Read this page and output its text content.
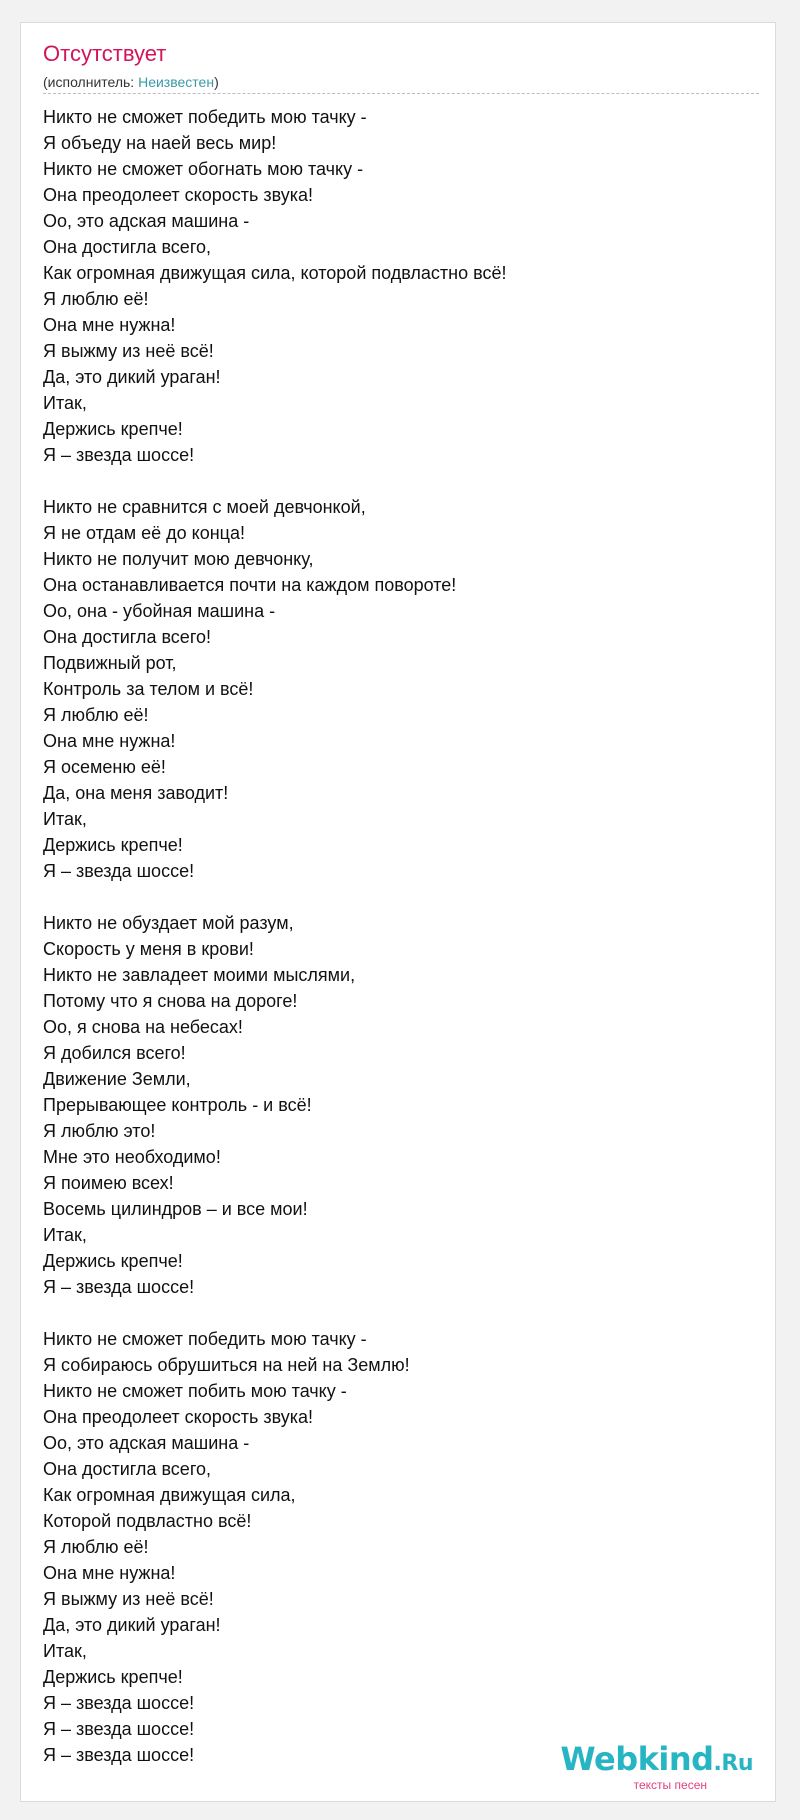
Отсутствует
(исполнитель: Неизвестен)
Никто не сможет победить мою тачку -
Я объеду на наей весь мир!
Никто не сможет обогнать мою тачку -
Она преодолеет скорость звука!
Оо, это адская машина -
Она достигла всего,
Как огромная движущая сила, которой подвластно всё!
Я люблю её!
Она мне нужна!
Я выжму из неё всё!
Да, это дикий ураган!
Итак,
Держись крепче!
Я – звезда шоссе!
Никто не сравнится с моей девчонкой,
Я не отдам её до конца!
Никто не получит мою девчонку,
Она останавливается почти на каждом повороте!
Оо, она - убойная машина -
Она достигла всего!
Подвижный рот,
Контроль за телом и всё!
Я люблю её!
Она мне нужна!
Я осеменю её!
Да, она меня заводит!
Итак,
Держись крепче!
Я – звезда шоссе!
Никто не обуздает мой разум,
Скорость у меня в крови!
Никто не завладеет моими мыслями,
Потому что я снова на дороге!
Оо, я снова на небесах!
Я добился всего!
Движение Земли,
Прерывающее контроль - и всё!
Я люблю это!
Мне это необходимо!
Я поимею всех!
Восемь цилиндров – и все мои!
Итак,
Держись крепче!
Я – звезда шоссе!
Никто не сможет победить мою тачку -
Я собираюсь обрушиться на ней на Землю!
Никто не сможет побить мою тачку -
Она преодолеет скорость звука!
Оо, это адская машина -
Она достигла всего,
Как огромная движущая сила,
Которой подвластно всё!
Я люблю её!
Она мне нужна!
Я выжму из неё всё!
Да, это дикий ураган!
Итак,
Держись крепче!
Я – звезда шоссе!
Я – звезда шоссе!
Я – звезда шоссе!	Webkind.Ru
тексты песен
